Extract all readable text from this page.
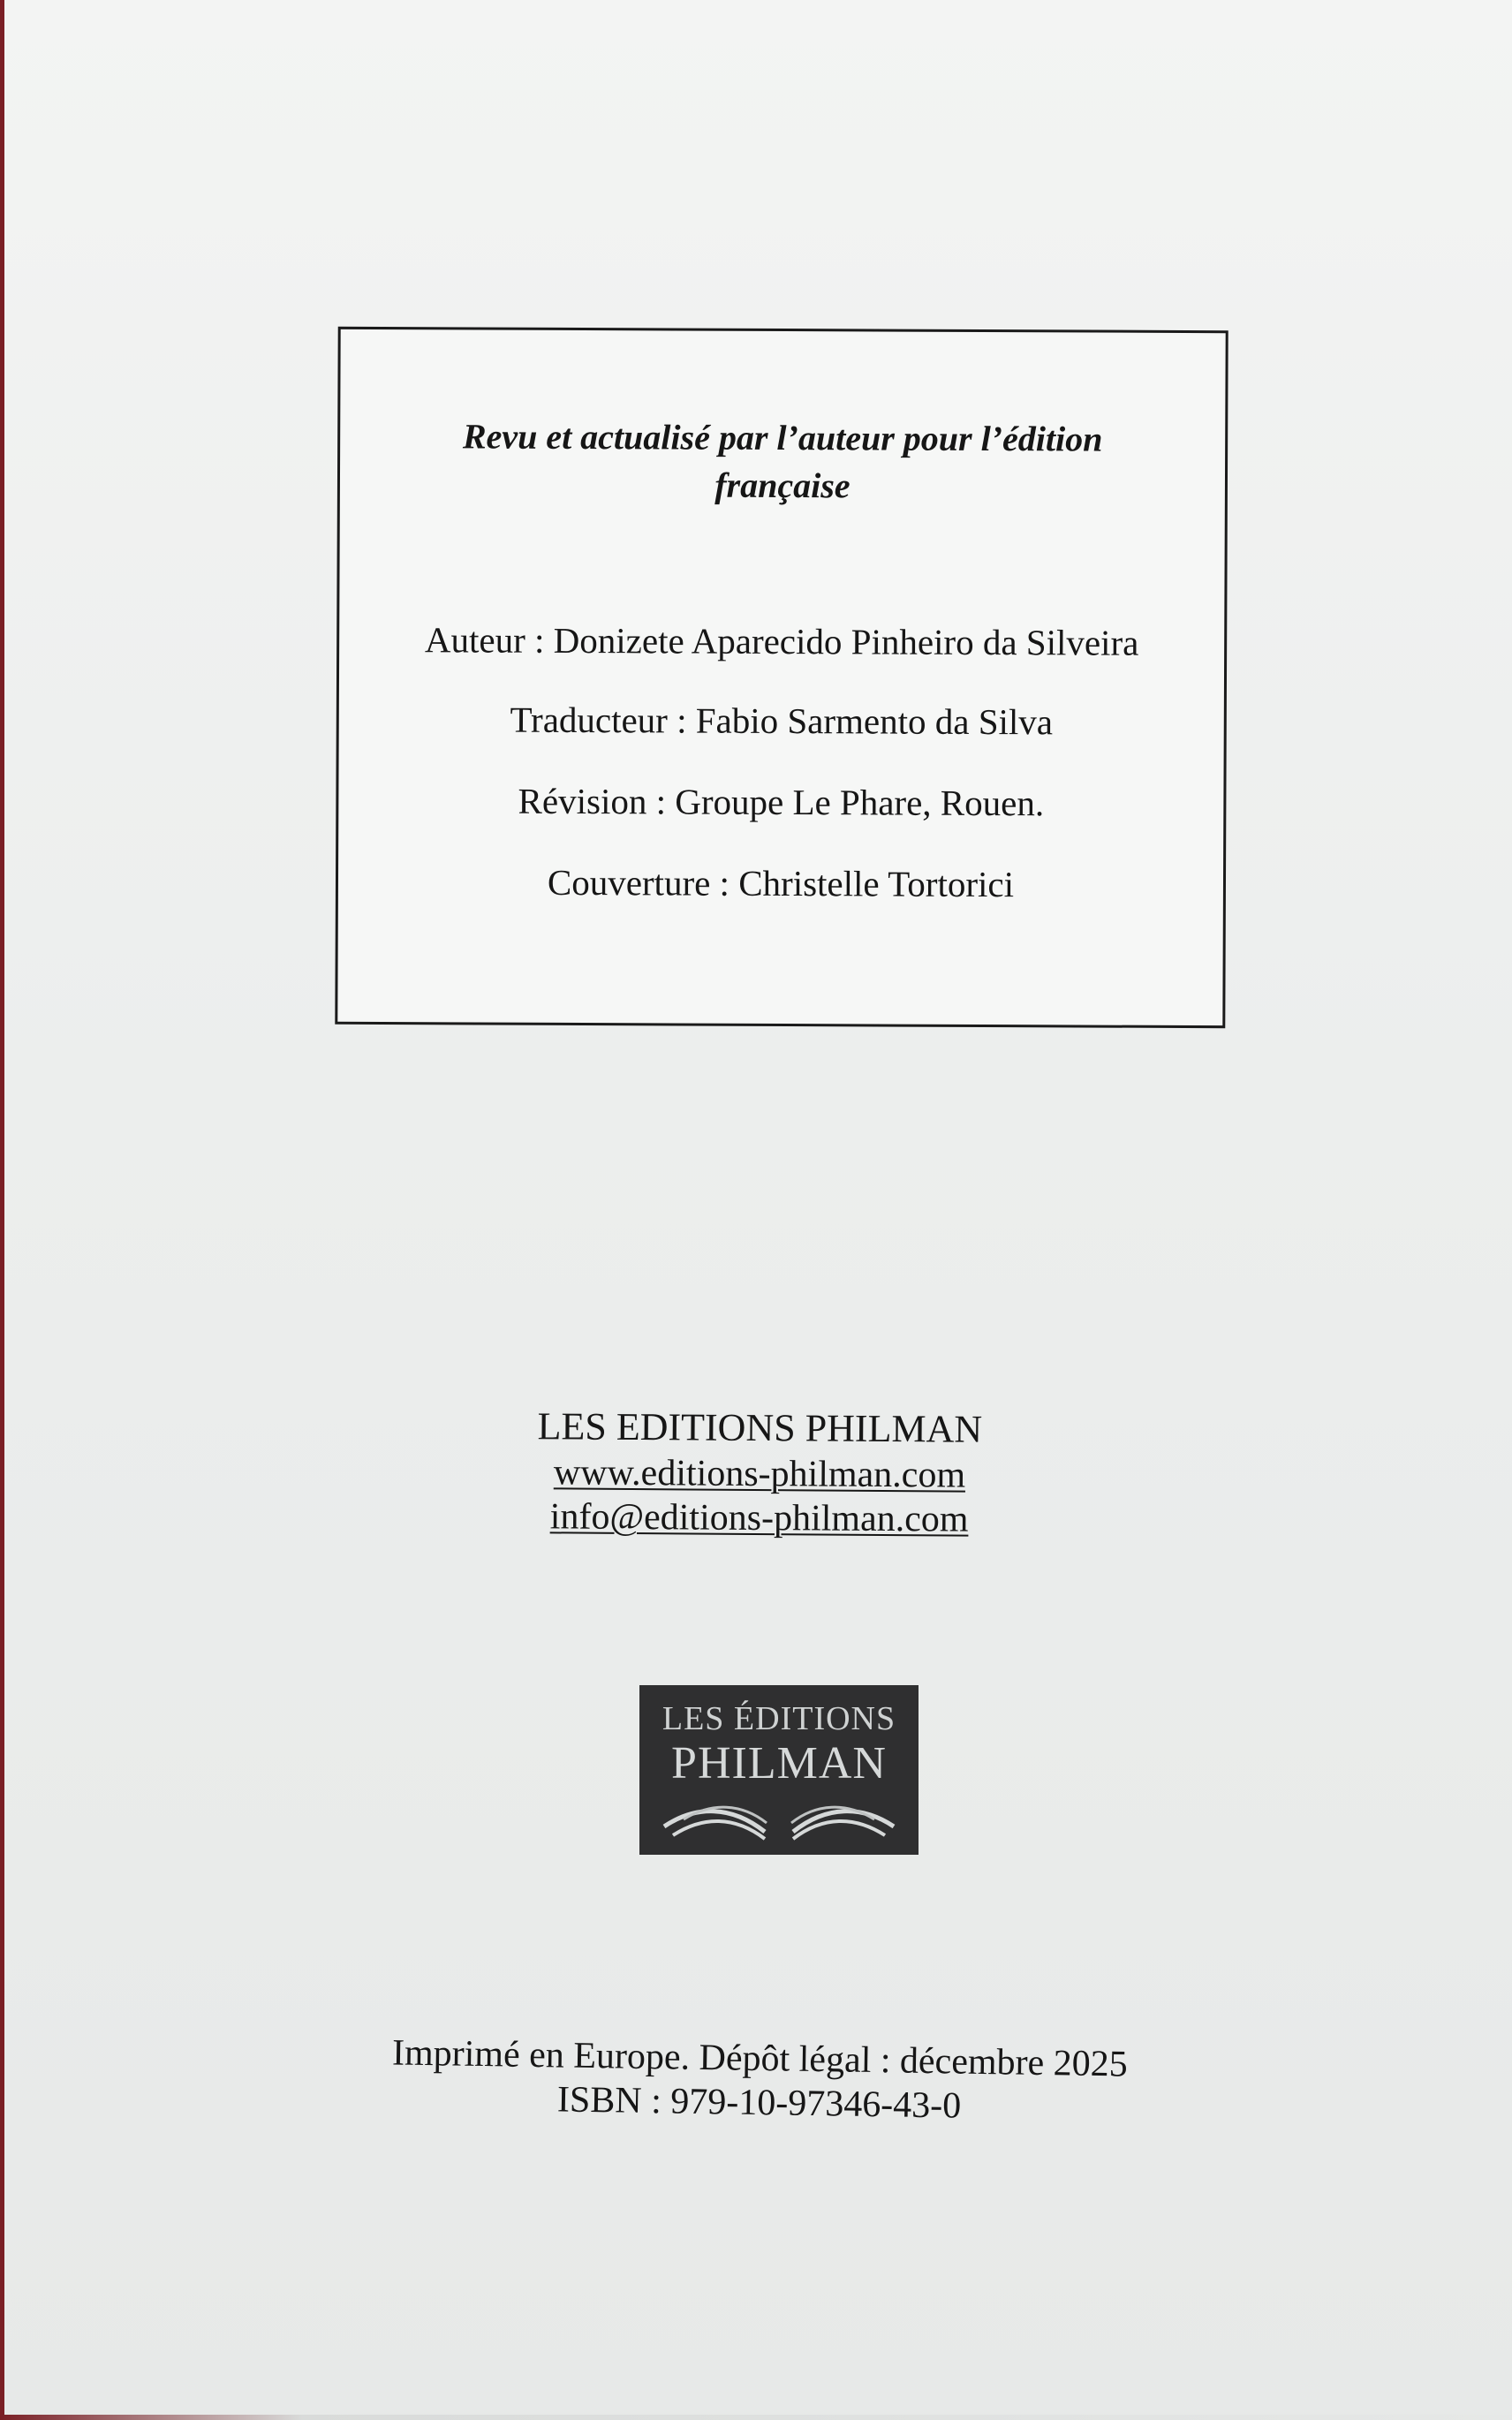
Revu et actualisé par l’auteur pour l’édition française
Auteur : Donizete Aparecido Pinheiro da Silveira
Traducteur : Fabio Sarmento da Silva
Révision : Groupe Le Phare, Rouen.
Couverture : Christelle Tortorici
LES EDITIONS PHILMAN
www.editions-philman.com
info@editions-philman.com
LES ÉDITIONS
PHILMAN
Imprimé en Europe. Dépôt légal : décembre 2025
ISBN : 979-10-97346-43-0
